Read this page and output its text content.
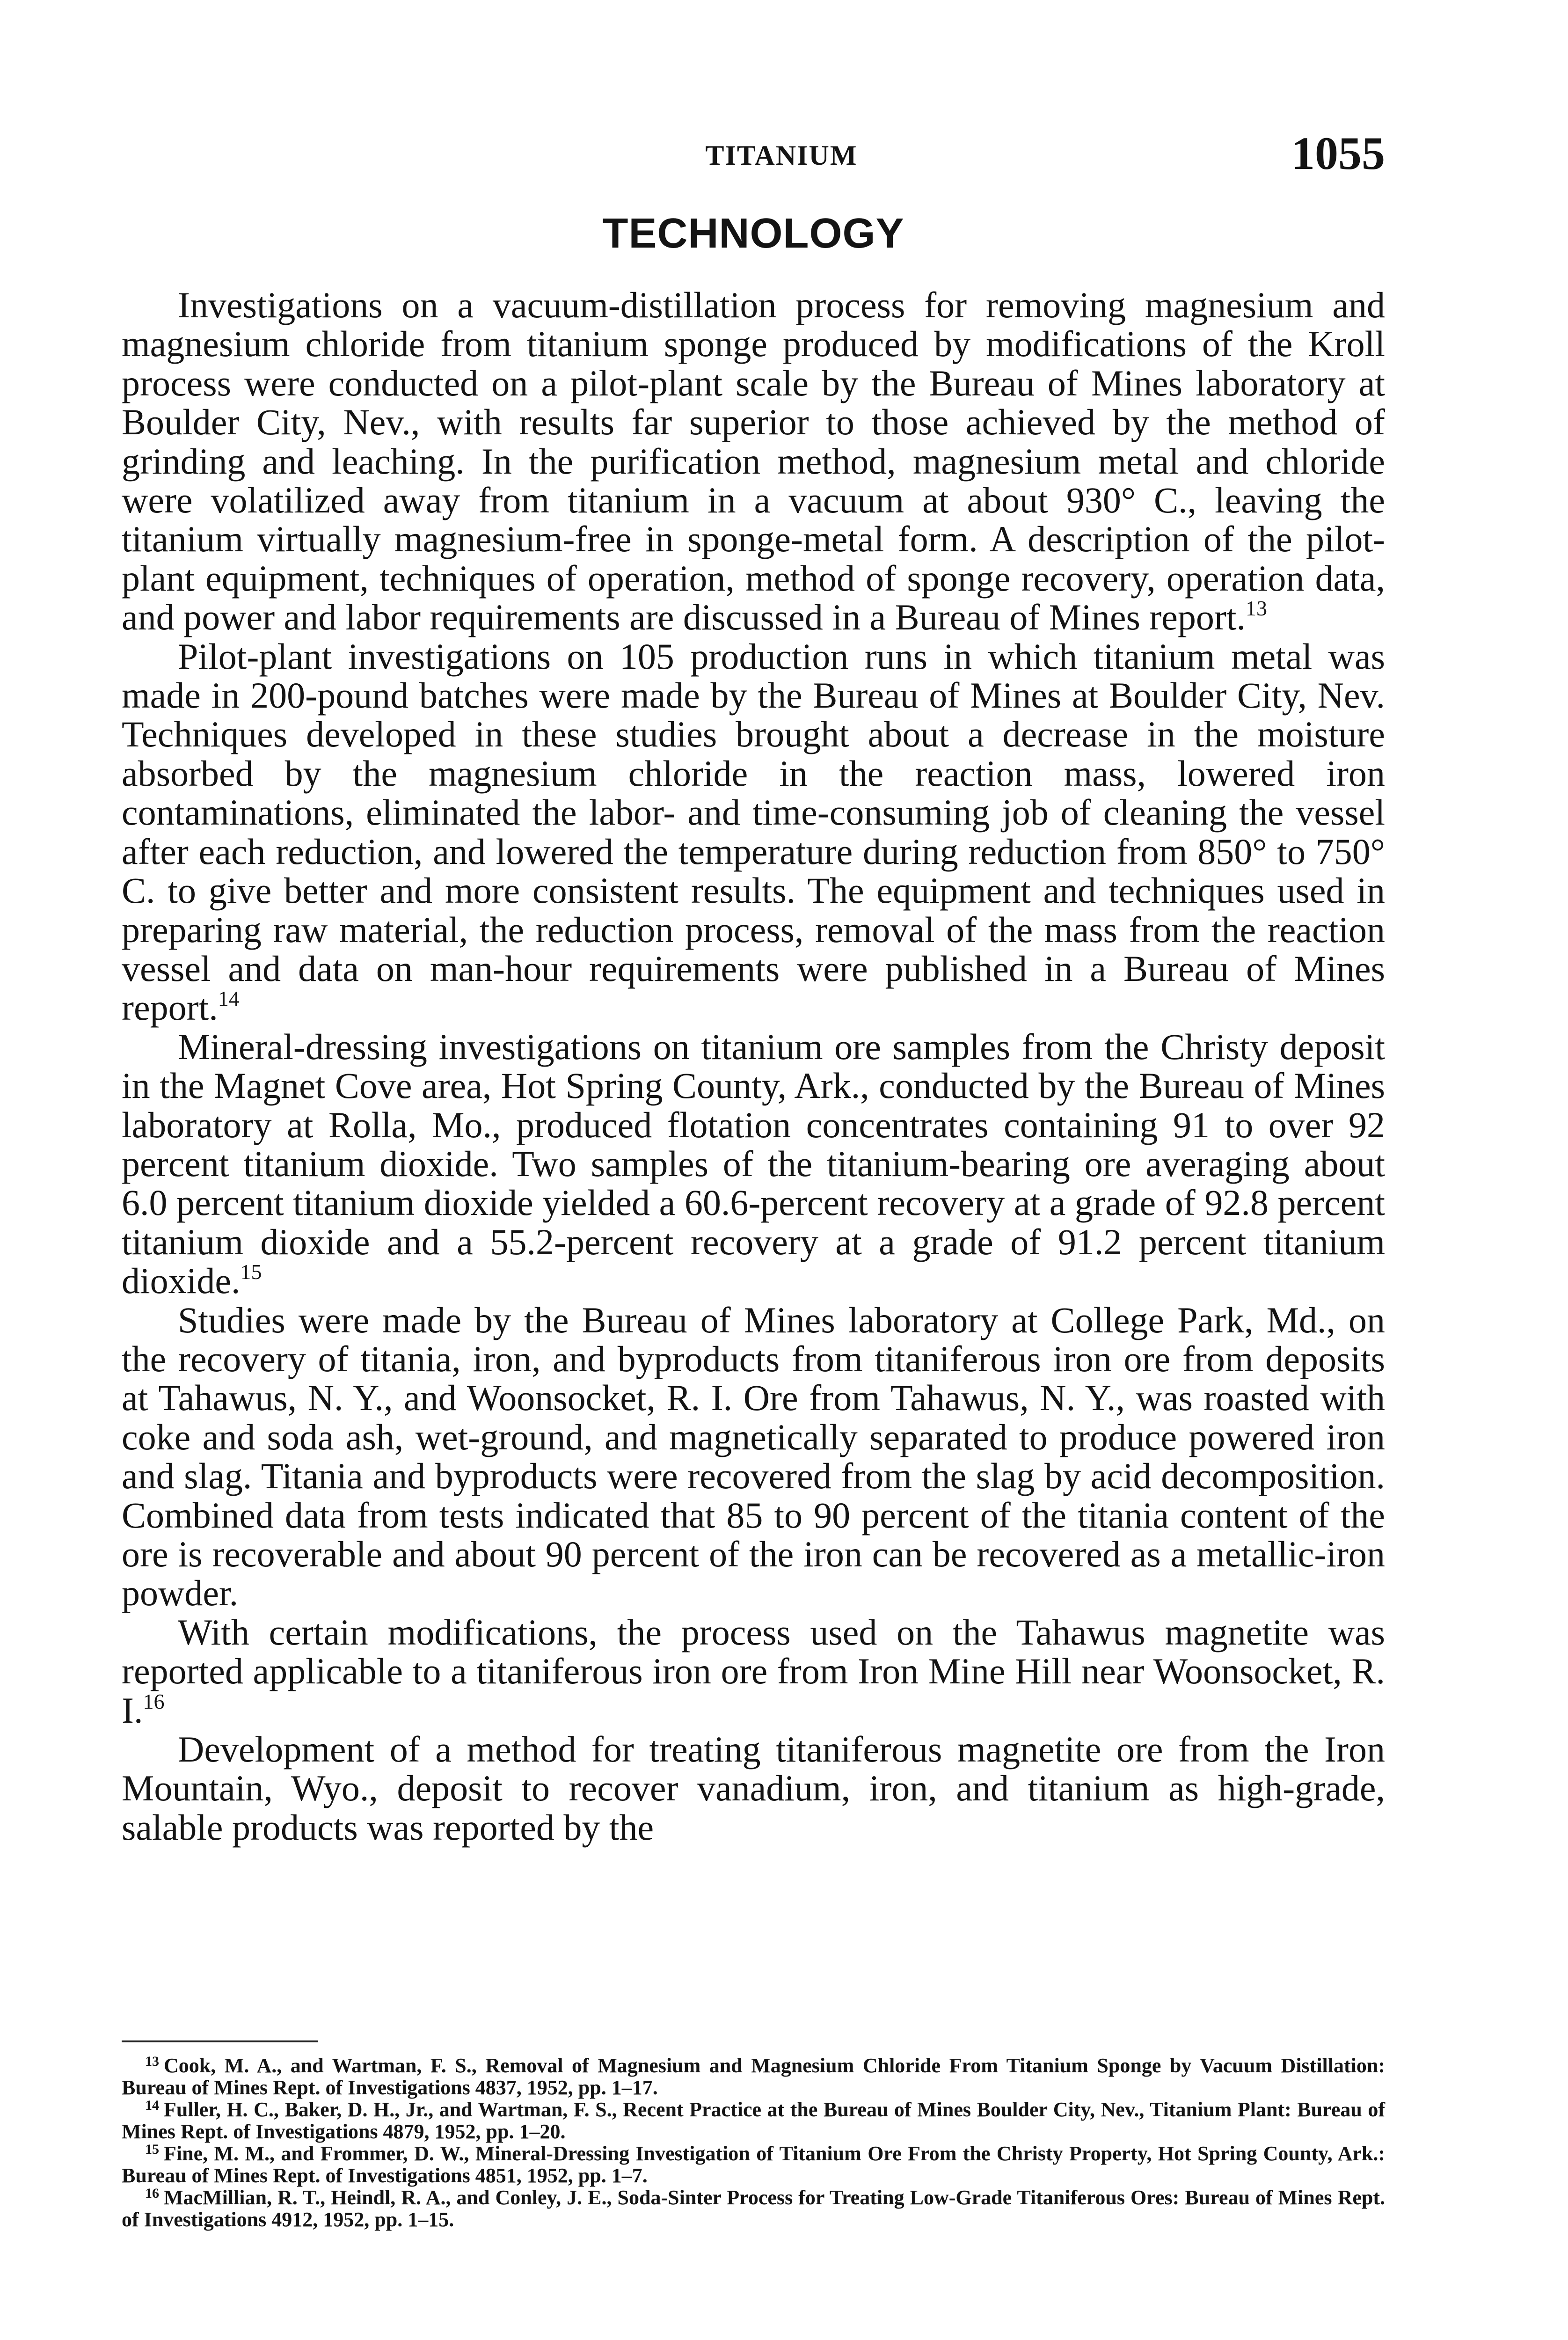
TITANIUM	1055
TECHNOLOGY

Investigations on a vacuum-distillation process for removing magnesium and magnesium chloride from titanium sponge produced by modifications of the Kroll process were conducted on a pilot-plant scale by the Bureau of Mines laboratory at Boulder City, Nev., with results far superior to those achieved by the method of grinding and leaching. In the purification method, magnesium metal and chloride were volatilized away from titanium in a vacuum at about 930° C., leaving the titanium virtually magnesium-free in sponge-metal form. A description of the pilot-plant equipment, techniques of operation, method of sponge recovery, operation data, and power and labor requirements are discussed in a Bureau of Mines report.$^{13}$

Pilot-plant investigations on 105 production runs in which titanium metal was made in 200-pound batches were made by the Bureau of Mines at Boulder City, Nev. Techniques developed in these studies brought about a decrease in the moisture absorbed by the magnesium chloride in the reaction mass, lowered iron contaminations, eliminated the labor- and time-consuming job of cleaning the vessel after each reduction, and lowered the temperature during reduction from 850° to 750° C. to give better and more consistent results. The equipment and techniques used in preparing raw material, the reduction process, removal of the mass from the reaction vessel and data on man-hour requirements were published in a Bureau of Mines report.$^{14}$

Mineral-dressing investigations on titanium ore samples from the Christy deposit in the Magnet Cove area, Hot Spring County, Ark., conducted by the Bureau of Mines laboratory at Rolla, Mo., produced flotation concentrates containing 91 to over 92 percent titanium dioxide. Two samples of the titanium-bearing ore averaging about 6.0 percent titanium dioxide yielded a 60.6-percent recovery at a grade of 92.8 percent titanium dioxide and a 55.2-percent recovery at a grade of 91.2 percent titanium dioxide.$^{15}$

Studies were made by the Bureau of Mines laboratory at College Park, Md., on the recovery of titania, iron, and byproducts from titaniferous iron ore from deposits at Tahawus, N. Y., and Woonsocket, R. I. Ore from Tahawus, N. Y., was roasted with coke and soda ash, wet-ground, and magnetically separated to produce powered iron and slag. Titania and byproducts were recovered from the slag by acid decomposition. Combined data from tests indicated that 85 to 90 percent of the titania content of the ore is recoverable and about 90 percent of the iron can be recovered as a metallic-iron powder.

With certain modifications, the process used on the Tahawus magnetite was reported applicable to a titaniferous iron ore from Iron Mine Hill near Woonsocket, R. I.$^{16}$

Development of a method for treating titaniferous magnetite ore from the Iron Mountain, Wyo., deposit to recover vanadium, iron, and titanium as high-grade, salable products was reported by the

$^{13}$ Cook, M. A., and Wartman, F. S., Removal of Magnesium and Magnesium Chloride From Titanium Sponge by Vacuum Distillation: Bureau of Mines Rept. of Investigations 4837, 1952, pp. 1–17.

$^{14}$ Fuller, H. C., Baker, D. H., Jr., and Wartman, F. S., Recent Practice at the Bureau of Mines Boulder City, Nev., Titanium Plant: Bureau of Mines Rept. of Investigations 4879, 1952, pp. 1–20.

$^{15}$ Fine, M. M., and Frommer, D. W., Mineral-Dressing Investigation of Titanium Ore From the Christy Property, Hot Spring County, Ark.: Bureau of Mines Rept. of Investigations 4851, 1952, pp. 1–7.

$^{16}$ MacMillian, R. T., Heindl, R. A., and Conley, J. E., Soda-Sinter Process for Treating Low-Grade Titaniferous Ores: Bureau of Mines Rept. of Investigations 4912, 1952, pp. 1–15.
